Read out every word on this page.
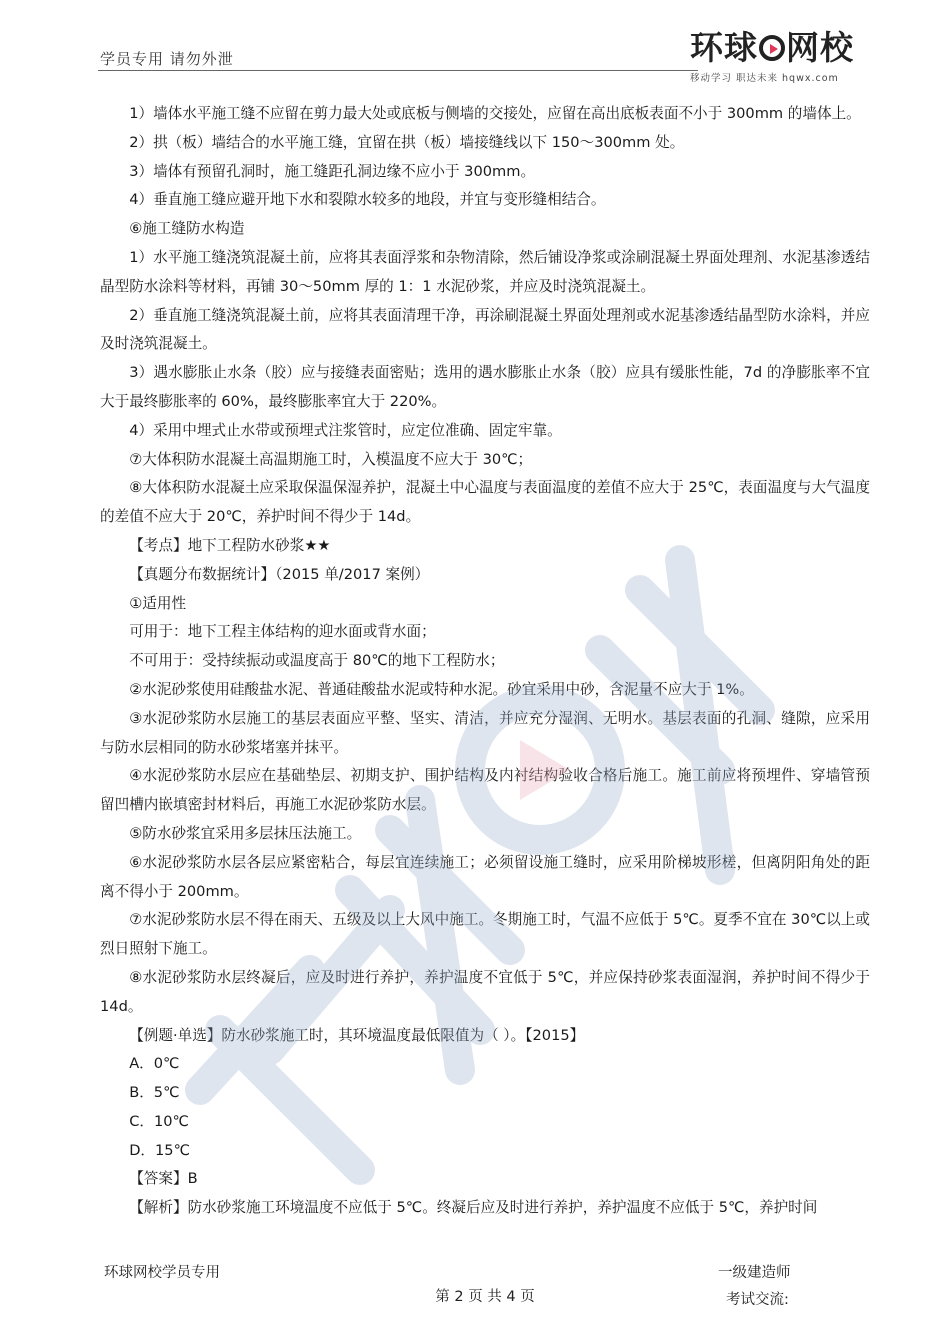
学员专用 请勿外泄	环球 网校
移动学习 职达未来 hqwx.com

1）墙体水平施工缝不应留在剪力最大处或底板与侧墙的交接处，应留在高出底板表面不小于 300mm 的墙体上。

2）拱（板）墙结合的水平施工缝，宜留在拱（板）墙接缝线以下 150～300mm 处。

3）墙体有预留孔洞时，施工缝距孔洞边缘不应小于 300mm。

4）垂直施工缝应避开地下水和裂隙水较多的地段，并宜与变形缝相结合。

⑥施工缝防水构造

1）水平施工缝浇筑混凝土前，应将其表面浮浆和杂物清除，然后铺设净浆或涂刷混凝土界面处理剂、水泥基渗透结晶型防水涂料等材料，再铺 30～50mm 厚的 1：1 水泥砂浆，并应及时浇筑混凝土。

2）垂直施工缝浇筑混凝土前，应将其表面清理干净，再涂刷混凝土界面处理剂或水泥基渗透结晶型防水涂料，并应及时浇筑混凝土。

3）遇水膨胀止水条（胶）应与接缝表面密贴；选用的遇水膨胀止水条（胶）应具有缓胀性能，7d 的净膨胀率不宜大于最终膨胀率的 60%，最终膨胀率宜大于 220%。

4）采用中埋式止水带或预埋式注浆管时，应定位准确、固定牢靠。

⑦大体积防水混凝土高温期施工时，入模温度不应大于 30℃；

⑧大体积防水混凝土应采取保温保湿养护，混凝土中心温度与表面温度的差值不应大于 25℃，表面温度与大气温度的差值不应大于 20℃，养护时间不得少于 14d。

【考点】地下工程防水砂浆★★

【真题分布数据统计】（2015 单/2017 案例）

①适用性

可用于：地下工程主体结构的迎水面或背水面；

不可用于：受持续振动或温度高于 80℃的地下工程防水；

②水泥砂浆使用硅酸盐水泥、普通硅酸盐水泥或特种水泥。砂宜采用中砂，含泥量不应大于 1%。

③水泥砂浆防水层施工的基层表面应平整、坚实、清洁，并应充分湿润、无明水。基层表面的孔洞、缝隙，应采用与防水层相同的防水砂浆堵塞并抹平。

④水泥砂浆防水层应在基础垫层、初期支护、围护结构及内衬结构验收合格后施工。施工前应将预埋件、穿墙管预留凹槽内嵌填密封材料后，再施工水泥砂浆防水层。

⑤防水砂浆宜采用多层抹压法施工。

⑥水泥砂浆防水层各层应紧密粘合，每层宜连续施工；必须留设施工缝时，应采用阶梯坡形槎，但离阴阳角处的距离不得小于 200mm。

⑦水泥砂浆防水层不得在雨天、五级及以上大风中施工。冬期施工时，气温不应低于 5℃。夏季不宜在 30℃以上或烈日照射下施工。

⑧水泥砂浆防水层终凝后，应及时进行养护，养护温度不宜低于 5℃，并应保持砂浆表面湿润，养护时间不得少于 14d。

【例题·单选】防水砂浆施工时，其环境温度最低限值为（ ）。【2015】

A．0℃

B．5℃

C．10℃

D．15℃

【答案】B

【解析】防水砂浆施工环境温度不应低于 5℃。终凝后应及时进行养护，养护温度不应低于 5℃，养护时间

环球网校学员专用	一级建造师
考试交流:
第 2 页 共 4 页
